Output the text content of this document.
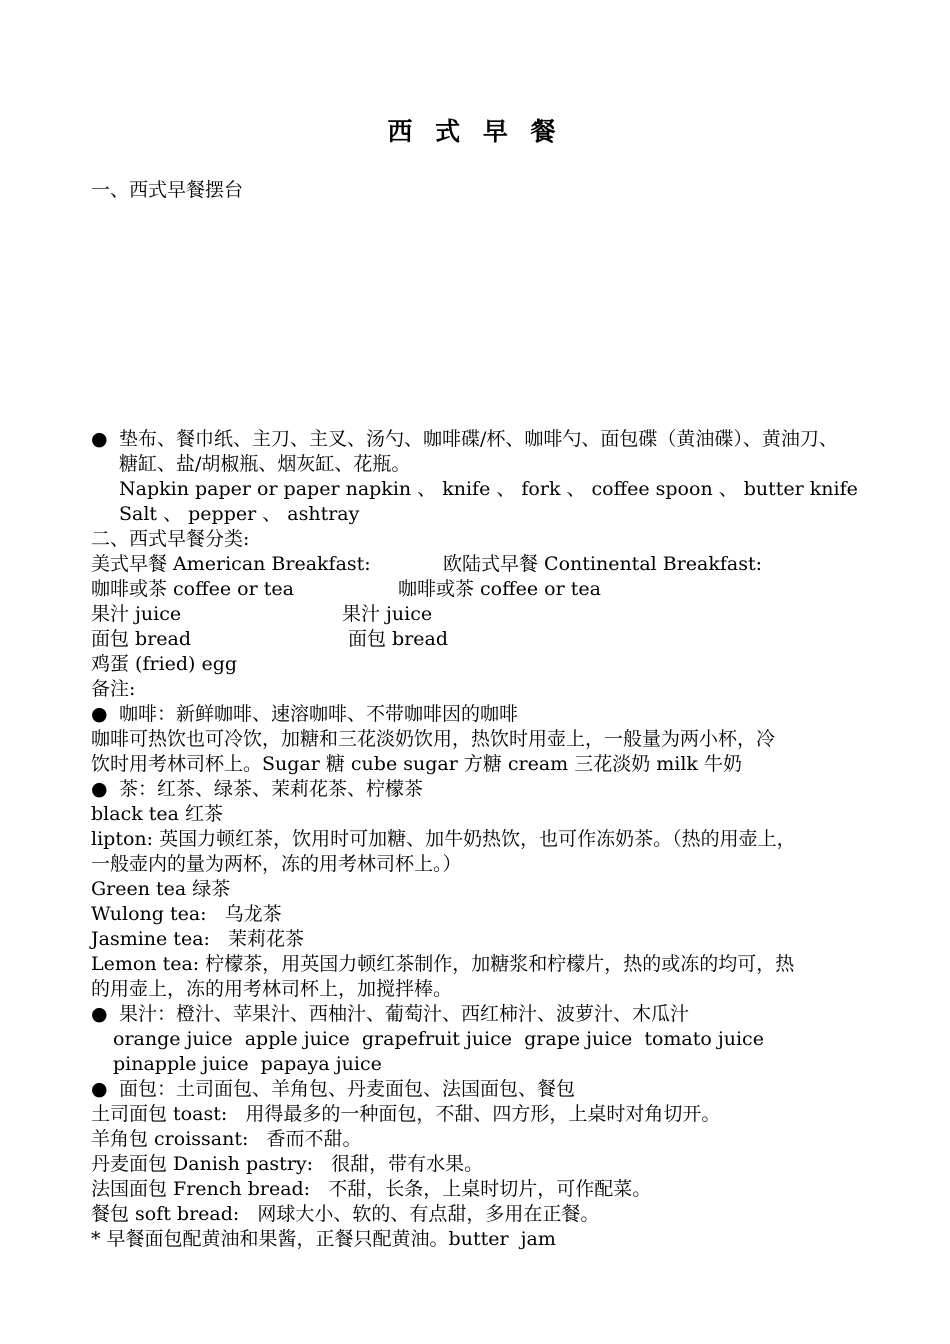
西 式 早 餐

一、西式早餐摆台

● 垫布、餐巾纸、主刀、主叉、汤勺、咖啡碟/杯、咖啡勺、面包碟（黄油碟）、黄油刀、

糖缸、盐/胡椒瓶、烟灰缸、花瓶。

Napkin paper or paper napkin 、 knife 、 fork 、 coffee spoon 、 butter knife

Salt 、 pepper 、 ashtray

二、西式早餐分类:

美式早餐 American Breakfast:	欧陆式早餐 Continental Breakfast:

咖啡或茶 coffee or tea	咖啡或茶 coffee or tea

果汁 juice	果汁 juice

面包 bread	面包 bread

鸡蛋 (fried) egg

备注:

● 咖啡：新鲜咖啡、速溶咖啡、不带咖啡因的咖啡

咖啡可热饮也可冷饮，加糖和三花淡奶饮用，热饮时用壶上，一般量为两小杯，冷

饮时用考林司杯上。Sugar 糖 cube sugar 方糖 cream 三花淡奶 milk 牛奶

● 茶：红茶、绿茶、茉莉花茶、柠檬茶

black tea 红茶

lipton: 英国力顿红茶，饮用时可加糖、加牛奶热饮，也可作冻奶茶。（热的用壶上，

一般壶内的量为两杯，冻的用考林司杯上。）

Green tea 绿茶

Wulong tea:   乌龙茶

Jasmine tea:   茉莉花茶

Lemon tea: 柠檬茶，用英国力顿红茶制作，加糖浆和柠檬片，热的或冻的均可，热

的用壶上，冻的用考林司杯上，加搅拌棒。

● 果汁：橙汁、苹果汁、西柚汁、葡萄汁、西红柿汁、波萝汁、木瓜汁

orange juice  apple juice  grapefruit juice  grape juice  tomato juice

pinapple juice  papaya juice

● 面包：土司面包、羊角包、丹麦面包、法国面包、餐包

土司面包 toast:   用得最多的一种面包，不甜、四方形，上桌时对角切开。

羊角包 croissant:   香而不甜。

丹麦面包 Danish pastry:   很甜，带有水果。

法国面包 French bread:   不甜，长条，上桌时切片，可作配菜。

餐包 soft bread:   网球大小、软的、有点甜，多用在正餐。

* 早餐面包配黄油和果酱，正餐只配黄油。butter  jam
